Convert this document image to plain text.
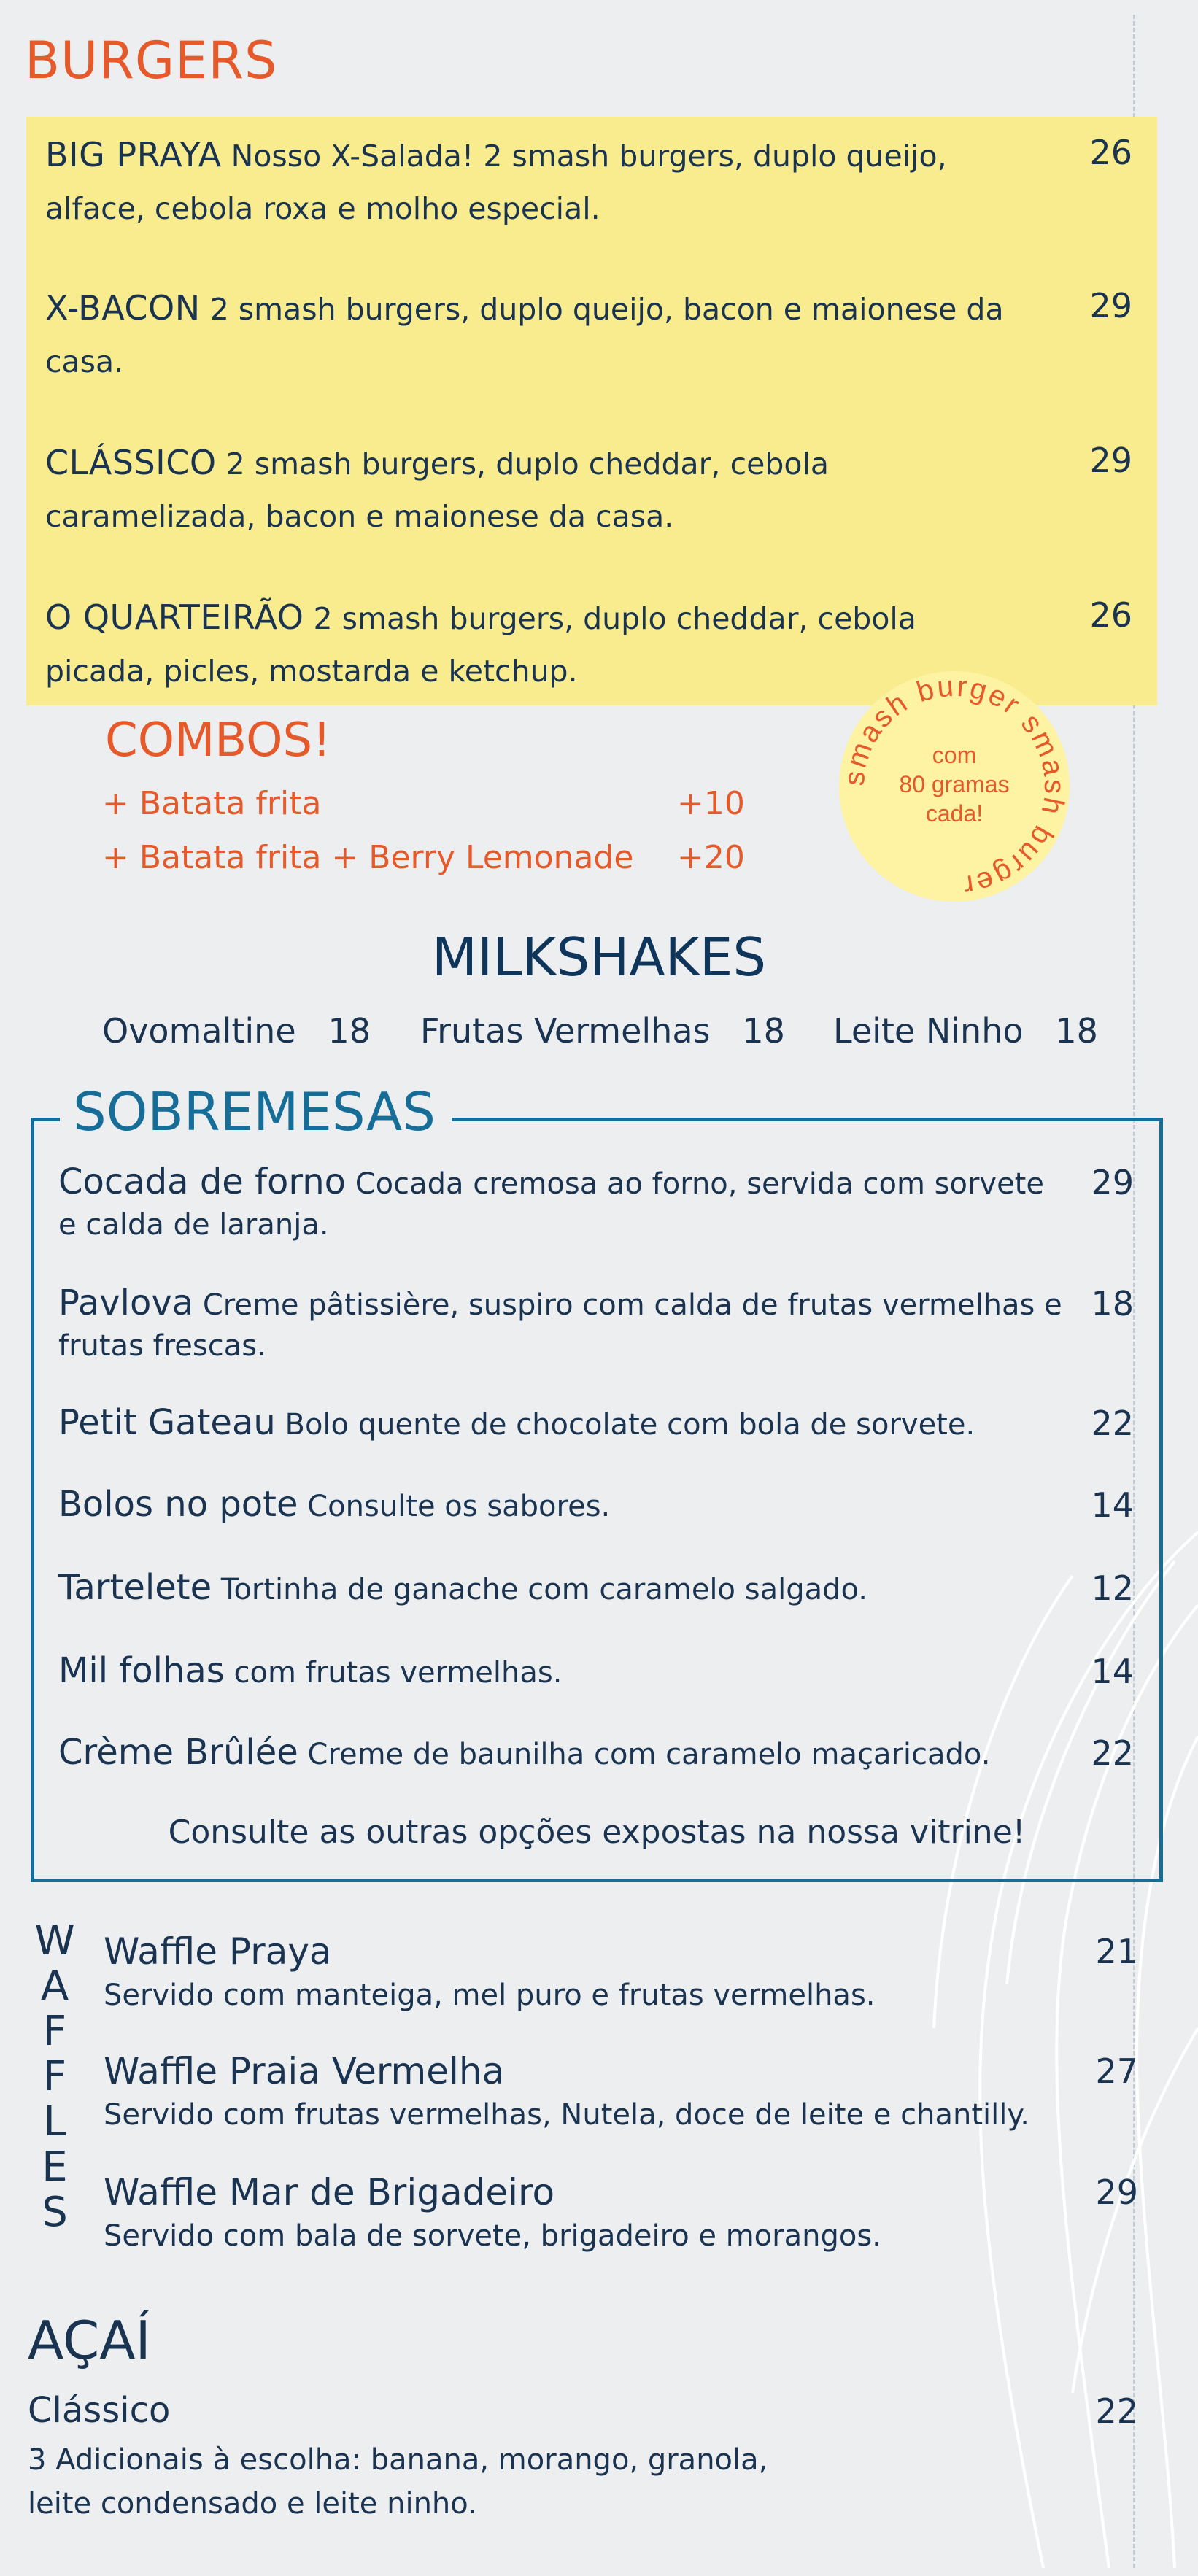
BURGERS
BIG PRAYA Nosso X-Salada! 2 smash burgers, duplo queijo, alface, cebola roxa e molho especial.
26
X-BACON 2 smash burgers, duplo queijo, bacon e maionese da casa.
29
CLÁSSICO 2 smash burgers, duplo cheddar, cebola caramelizada, bacon e maionese da casa.
29
O QUARTEIRÃO 2 smash burgers, duplo cheddar, cebola picada, picles, mostarda e ketchup.
26
COMBOS!
+ Batata frita	+10
+ Batata frita + Berry Lemonade +20
smash burger smash burger
com
80 gramas
cada!
MILKSHAKES
Ovomaltine 18 Frutas Vermelhas 18 Leite Ninho 18
SOBREMESAS
Cocada de forno Cocada cremosa ao forno, servida com sorvete e calda de laranja.
29
Pavlova Creme pâtissière, suspiro com calda de frutas vermelhas e frutas frescas.
18
Petit Gateau Bolo quente de chocolate com bola de sorvete.	22
Bolos no pote Consulte os sabores.	14
Tartelete Tortinha de ganache com caramelo salgado.	12
Mil folhas com frutas vermelhas.	14
Crème Brûlée Creme de baunilha com caramelo maçaricado.	22
Consulte as outras opções expostas na nossa vitrine!
W
A
F
F
L
E
S
Waffle Praya	21
Servido com manteiga, mel puro e frutas vermelhas.
Waffle Praia Vermelha	27
Servido com frutas vermelhas, Nutela, doce de leite e chantilly.
Waffle Mar de Brigadeiro	29
Servido com bala de sorvete, brigadeiro e morangos.
AÇAÍ
Clássico	22
3 Adicionais à escolha: banana, morango, granola,
leite condensado e leite ninho.
